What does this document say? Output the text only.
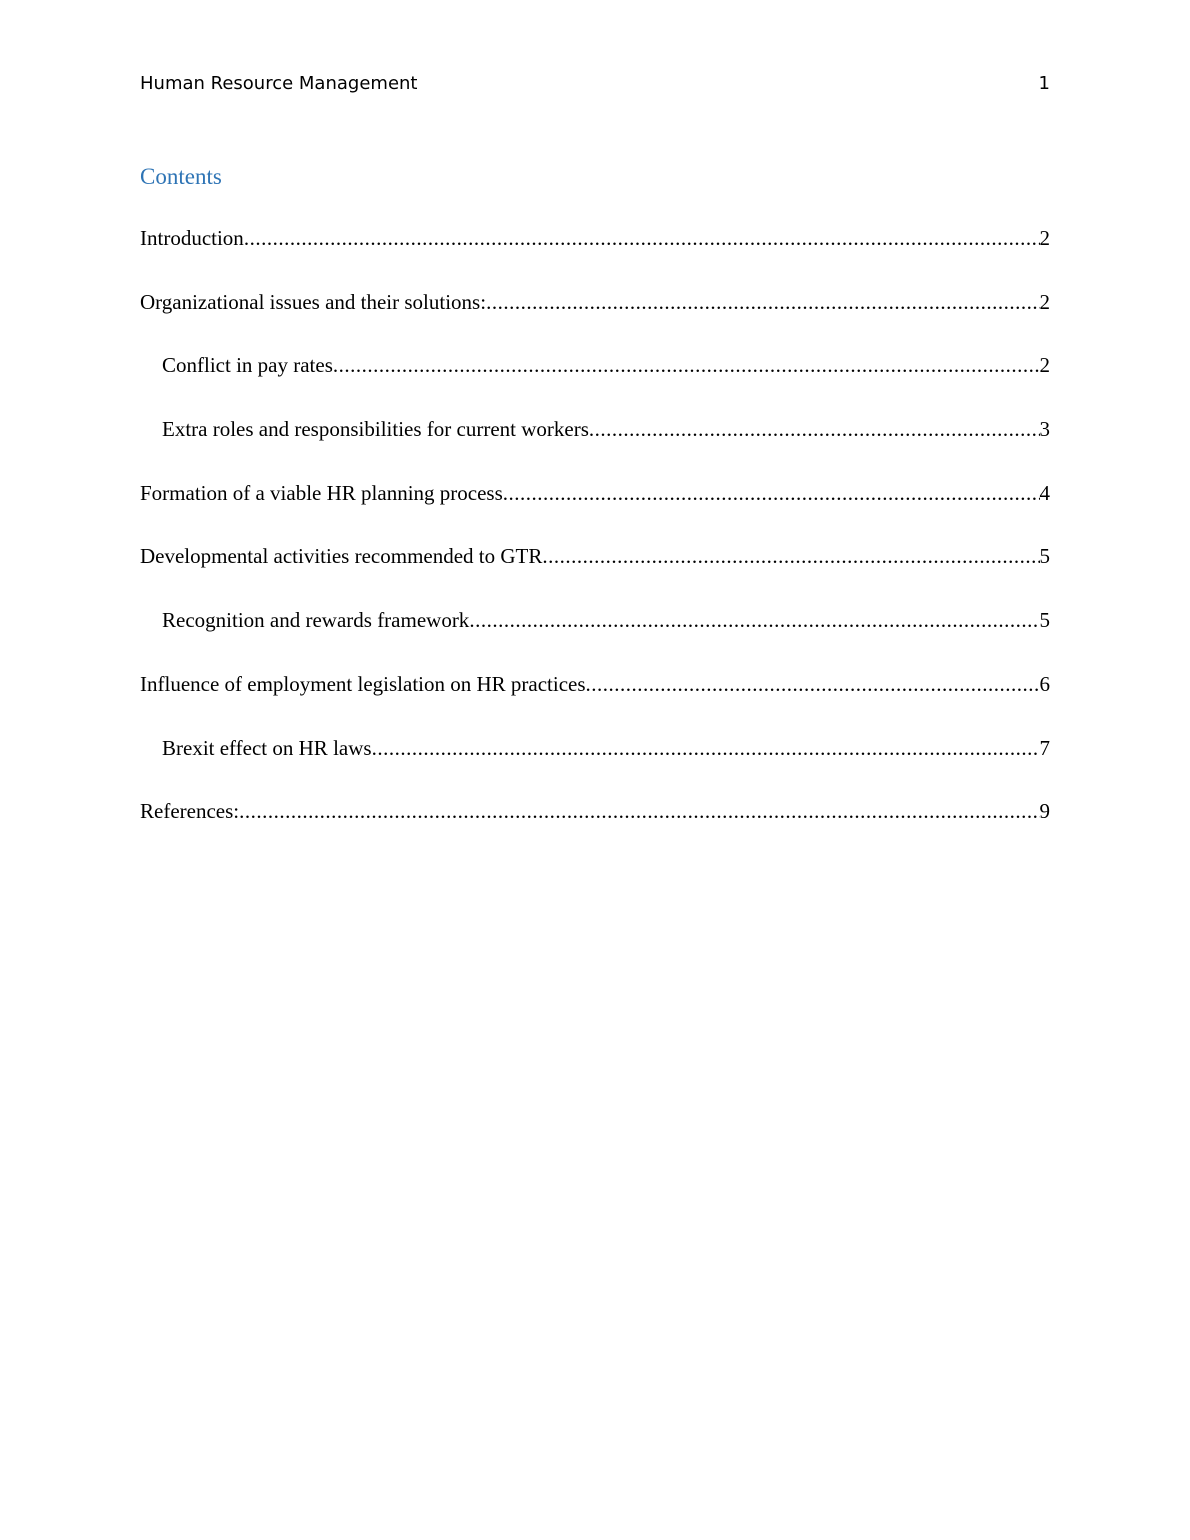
Human Resource Management	1
Contents
Introduction .....	2
Organizational issues and their solutions: .....	2
Conflict in pay rates .....	2
Extra roles and responsibilities for current workers .....	3
Formation of a viable HR planning process .....	4
Developmental activities recommended to GTR .....	5
Recognition and rewards framework .....	5
Influence of employment legislation on HR practices .....	6
Brexit effect on HR laws .....	7
References: .....	9
